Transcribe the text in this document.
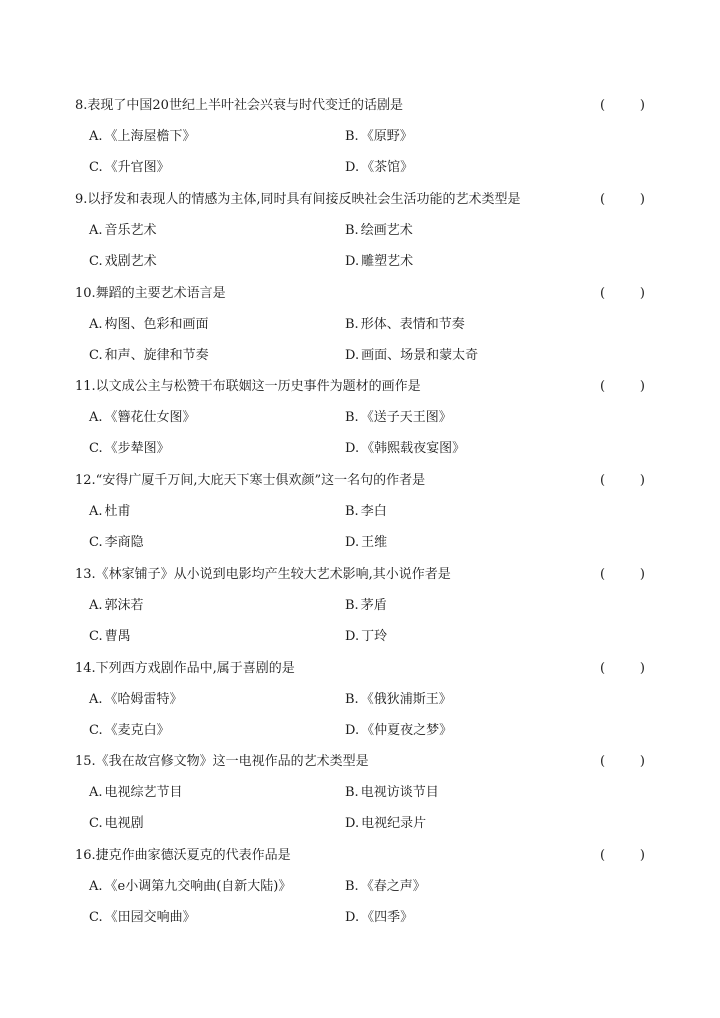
8.表现了中国20世纪上半叶社会兴衰与时代变迁的话剧是	(	)
A. 《上海屋檐下》	B. 《原野》
C. 《升官图》	D. 《茶馆》
9.以抒发和表现人的情感为主体,同时具有间接反映社会生活功能的艺术类型是	(	)
A. 音乐艺术	B. 绘画艺术
C. 戏剧艺术	D. 雕塑艺术
10.舞蹈的主要艺术语言是	(	)
A. 构图、色彩和画面	B. 形体、表情和节奏
C. 和声、旋律和节奏	D. 画面、场景和蒙太奇
11.以文成公主与松赞干布联姻这一历史事件为题材的画作是	(	)
A. 《簪花仕女图》	B. 《送子天王图》
C. 《步辇图》	D. 《韩熙载夜宴图》
12.“安得广厦千万间,大庇天下寒士俱欢颜”这一名句的作者是	(	)
A. 杜甫	B. 李白
C. 李商隐	D. 王维
13.《林家铺子》从小说到电影均产生较大艺术影响,其小说作者是	(	)
A. 郭沫若	B. 茅盾
C. 曹禺	D. 丁玲
14.下列西方戏剧作品中,属于喜剧的是	(	)
A. 《哈姆雷特》	B. 《俄狄浦斯王》
C. 《麦克白》	D. 《仲夏夜之梦》
15.《我在故宫修文物》这一电视作品的艺术类型是	(	)
A. 电视综艺节目	B. 电视访谈节目
C. 电视剧	D. 电视纪录片
16.捷克作曲家德沃夏克的代表作品是	(	)
A. 《e小调第九交响曲(自新大陆)》	B. 《春之声》
C. 《田园交响曲》	D. 《四季》
